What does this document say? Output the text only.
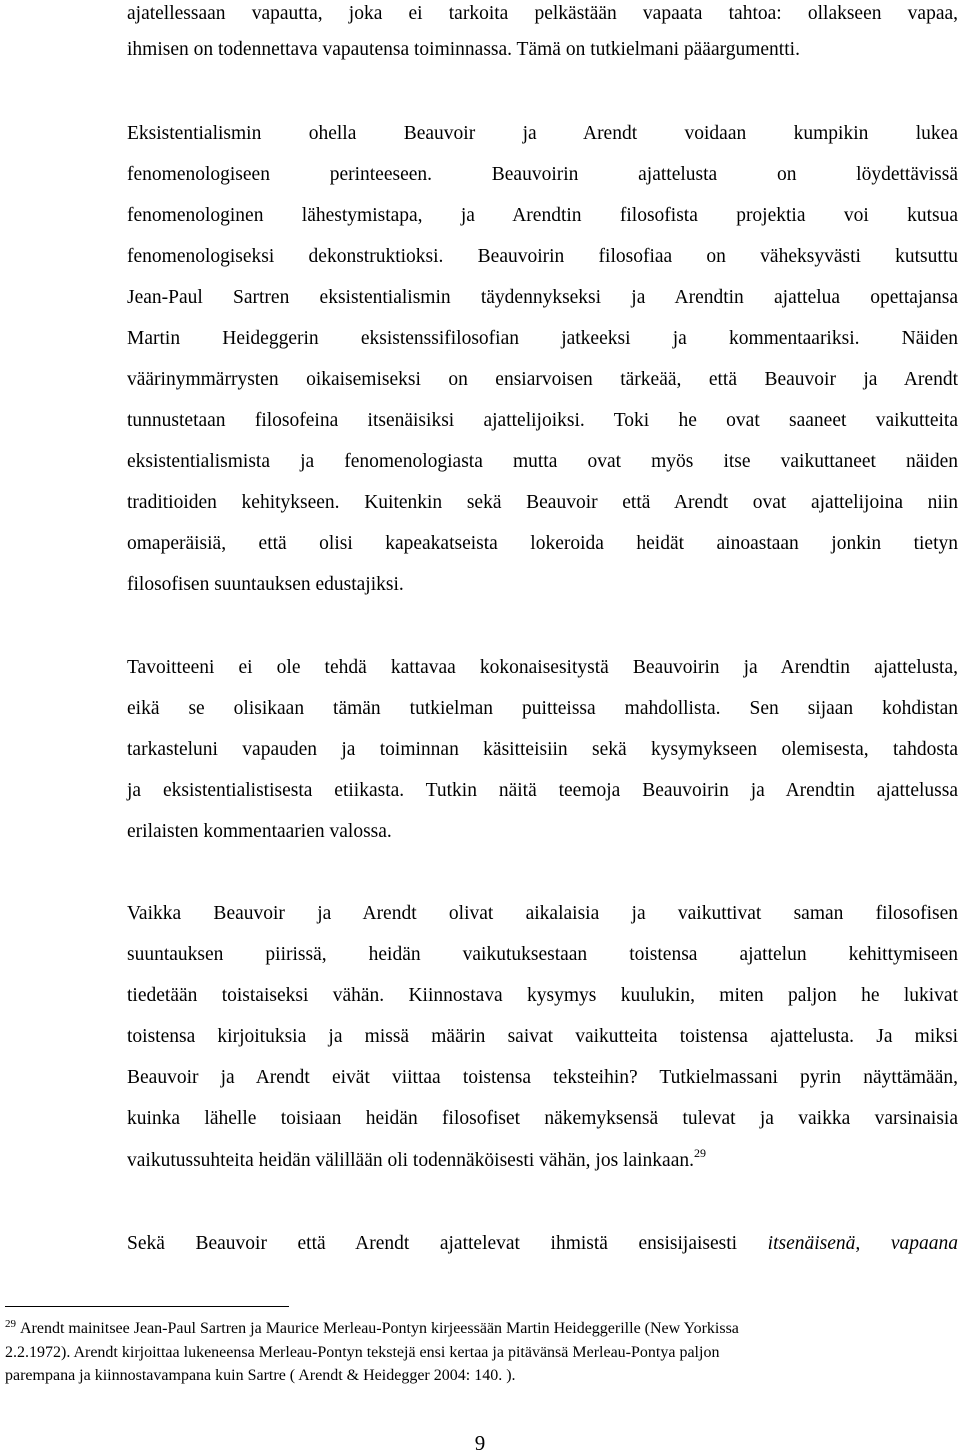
ajatellessaan vapautta, joka ei tarkoita pelkästään vapaata tahtoa: ollakseen vapaa,
ihmisen on todennettava vapautensa toiminnassa. Tämä on tutkielmani pääargumentti.
Eksistentialismin ohella Beauvoir ja Arendt voidaan kumpikin lukea
fenomenologiseen perinteeseen. Beauvoirin ajattelusta on löydettävissä
fenomenologinen lähestymistapa, ja Arendtin filosofista projektia voi kutsua
fenomenologiseksi dekonstruktioksi. Beauvoirin filosofiaa on väheksyvästi kutsuttu
Jean-Paul Sartren eksistentialismin täydennykseksi ja Arendtin ajattelua opettajansa
Martin Heideggerin eksistenssifilosofian jatkeeksi ja kommentaariksi. Näiden
väärinymmärrysten oikaisemiseksi on ensiarvoisen tärkeää, että Beauvoir ja Arendt
tunnustetaan filosofeina itsenäisiksi ajattelijoiksi. Toki he ovat saaneet vaikutteita
eksistentialismista ja fenomenologiasta mutta ovat myös itse vaikuttaneet näiden
traditioiden kehitykseen. Kuitenkin sekä Beauvoir että Arendt ovat ajattelijoina niin
omaperäisiä, että olisi kapeakatseista lokeroida heidät ainoastaan jonkin tietyn
filosofisen suuntauksen edustajiksi.
Tavoitteeni ei ole tehdä kattavaa kokonaisesitystä Beauvoirin ja Arendtin ajattelusta,
eikä se olisikaan tämän tutkielman puitteissa mahdollista. Sen sijaan kohdistan
tarkasteluni vapauden ja toiminnan käsitteisiin sekä kysymykseen olemisesta, tahdosta
ja eksistentialistisesta etiikasta. Tutkin näitä teemoja Beauvoirin ja Arendtin ajattelussa
erilaisten kommentaarien valossa.
Vaikka Beauvoir ja Arendt olivat aikalaisia ja vaikuttivat saman filosofisen
suuntauksen piirissä, heidän vaikutuksestaan toistensa ajattelun kehittymiseen
tiedetään toistaiseksi vähän. Kiinnostava kysymys kuulukin, miten paljon he lukivat
toistensa kirjoituksia ja missä määrin saivat vaikutteita toistensa ajattelusta. Ja miksi
Beauvoir ja Arendt eivät viittaa toistensa teksteihin? Tutkielmassani pyrin näyttämään,
kuinka lähelle toisiaan heidän filosofiset näkemyksensä tulevat ja vaikka varsinaisia
vaikutussuhteita heidän välillään oli todennäköisesti vähän, jos lainkaan.$^{29}$
Sekä Beauvoir että Arendt ajattelevat ihmistä ensisijaisesti itsenäisenä, vapaana
$^{29}$ Arendt mainitsee Jean-Paul Sartren ja Maurice Merleau-Pontyn kirjeessään Martin Heideggerille (New Yorkissa
2.2.1972). Arendt kirjoittaa lukeneensa Merleau-Pontyn tekstejä ensi kertaa ja pitävänsä Merleau-Pontya paljon
parempana ja kiinnostavampana kuin Sartre ( Arendt & Heidegger 2004: 140. ).
9
